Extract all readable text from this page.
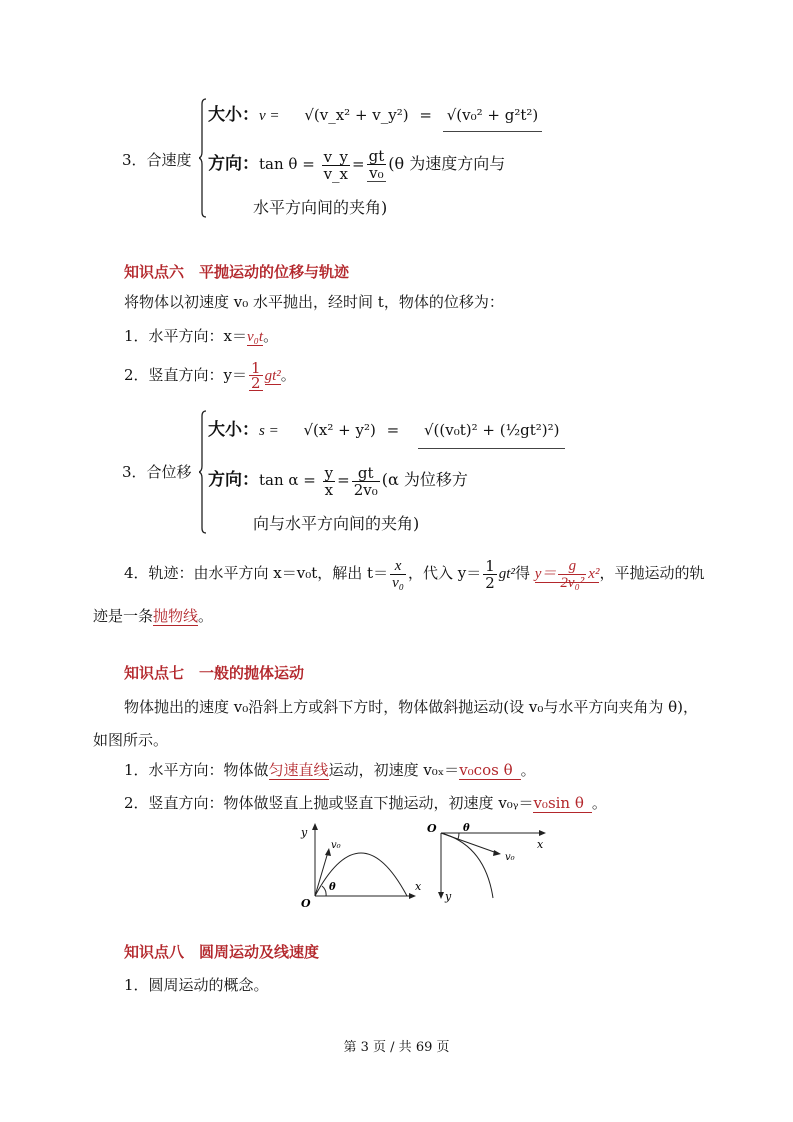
3．合速度
大小：v = √(v_x² + v_y²) = √(v₀² + g²t²)
方向：$\tan \theta = \frac{v\_y}{v\_x} = \frac{gt}{\text{v₀}} (\theta$ 为速度方向与
水平方向间的夹角)
知识点六　平抛运动的位移与轨迹
将物体以初速度 v₀ 水平抛出，经时间 t，物体的位移为：
1．水平方向：x＝v₀t。
2．竖直方向：$y= \frac{1}{2} gt^2$。
3．合位移
大小：s = √(x² + y²) = √((v₀t)² + (½gt²)²)
方向：$\tan \alpha = \frac{y}{x} = \frac{gt}{\text{2v₀}} (\alpha$ 为位移方
向与水平方向间的夹角)
4．轨迹：由水平方向 x＝v₀t，解出 $t= \frac{x}{\text{v₀}}$ ，代入 $y= \frac{1}{2} gt^2$得 $y= \frac{g}{\text{2v₀²}} x^2$，平抛运动的轨
迹是一条抛物线。
知识点七　一般的抛体运动
物体抛出的速度 v₀沿斜上方或斜下方时，物体做斜抛运动(设 v₀与水平方向夹角为 θ)，
如图所示。
1．水平方向：物体做匀速直线运动，初速度 v₀ₓ＝v₀cos θ 。
2．竖直方向：物体做竖直上抛或竖直下抛运动，初速度 v₀ᵧ＝v₀sin θ 。
y
x
O
v₀
θ
O
x
y
v₀
θ
知识点八　圆周运动及线速度
1．圆周运动的概念。
第 3 页 / 共 69 页
